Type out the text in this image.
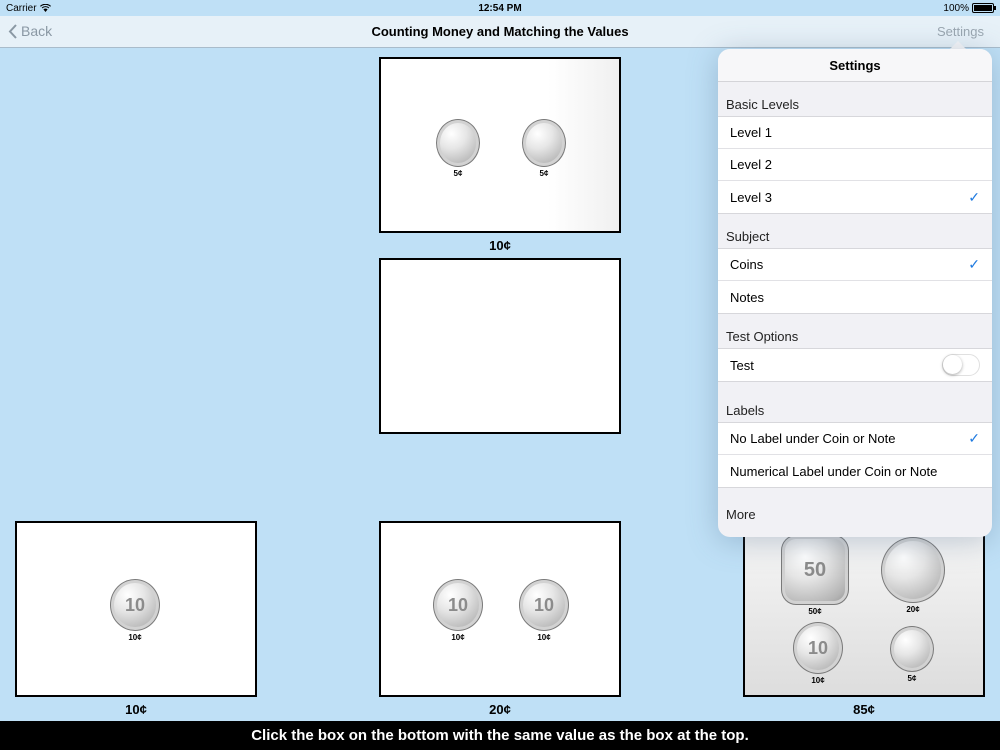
Carrier	12:54 PM	100%
Back	Counting Money and Matching the Values	Settings
5¢	5¢
10¢
10
10¢
10¢
10
10¢
10
10¢
20¢
50
50¢	20¢
10
10¢	5¢
85¢
Settings
Basic Levels
Level 1
Level 2
Level 3	✓
Subject
Coins	✓
Notes
Test Options
Test
Labels
No Label under Coin or Note	✓
Numerical Label under Coin or Note
More
Click the box on the bottom with the same value as the box at the top.
